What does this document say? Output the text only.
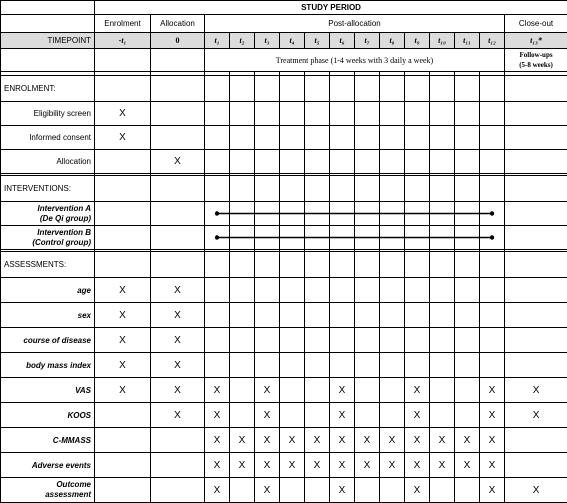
	STUDY PERIOD														
	Enrolment	Allocation	Post-allocation												Close-out
TIMEPOINT	-t₁	0	t₁	t₂	t₃	t₄	t₅	t₆	t₇	t₈	t₉	t₁₀	t₁₁	t₁₂	t₁₃*
			Treatment phase (1-4 weeks with 3 daily a week)												Follow-ups
(5-8 weeks)

ENROLMENT:															
Eligibility screen	X														
Informed consent	X														
Allocation		X													

INTERVENTIONS:															
Intervention A
(De Qi group)															
Intervention B
(Control group)															

ASSESSMENTS:															
age	X	X													
sex	X	X													
course of disease	X	X													
body mass index	X	X													
VAS	X	X	X		X			X			X			X	X
KOOS		X	X		X			X			X			X	X
C-MMASS			X	X	X	X	X	X	X	X	X	X	X	X	
Adverse events			X	X	X	X	X	X	X	X	X	X	X	X	
Outcome
assessment			X		X			X			X			X	X
